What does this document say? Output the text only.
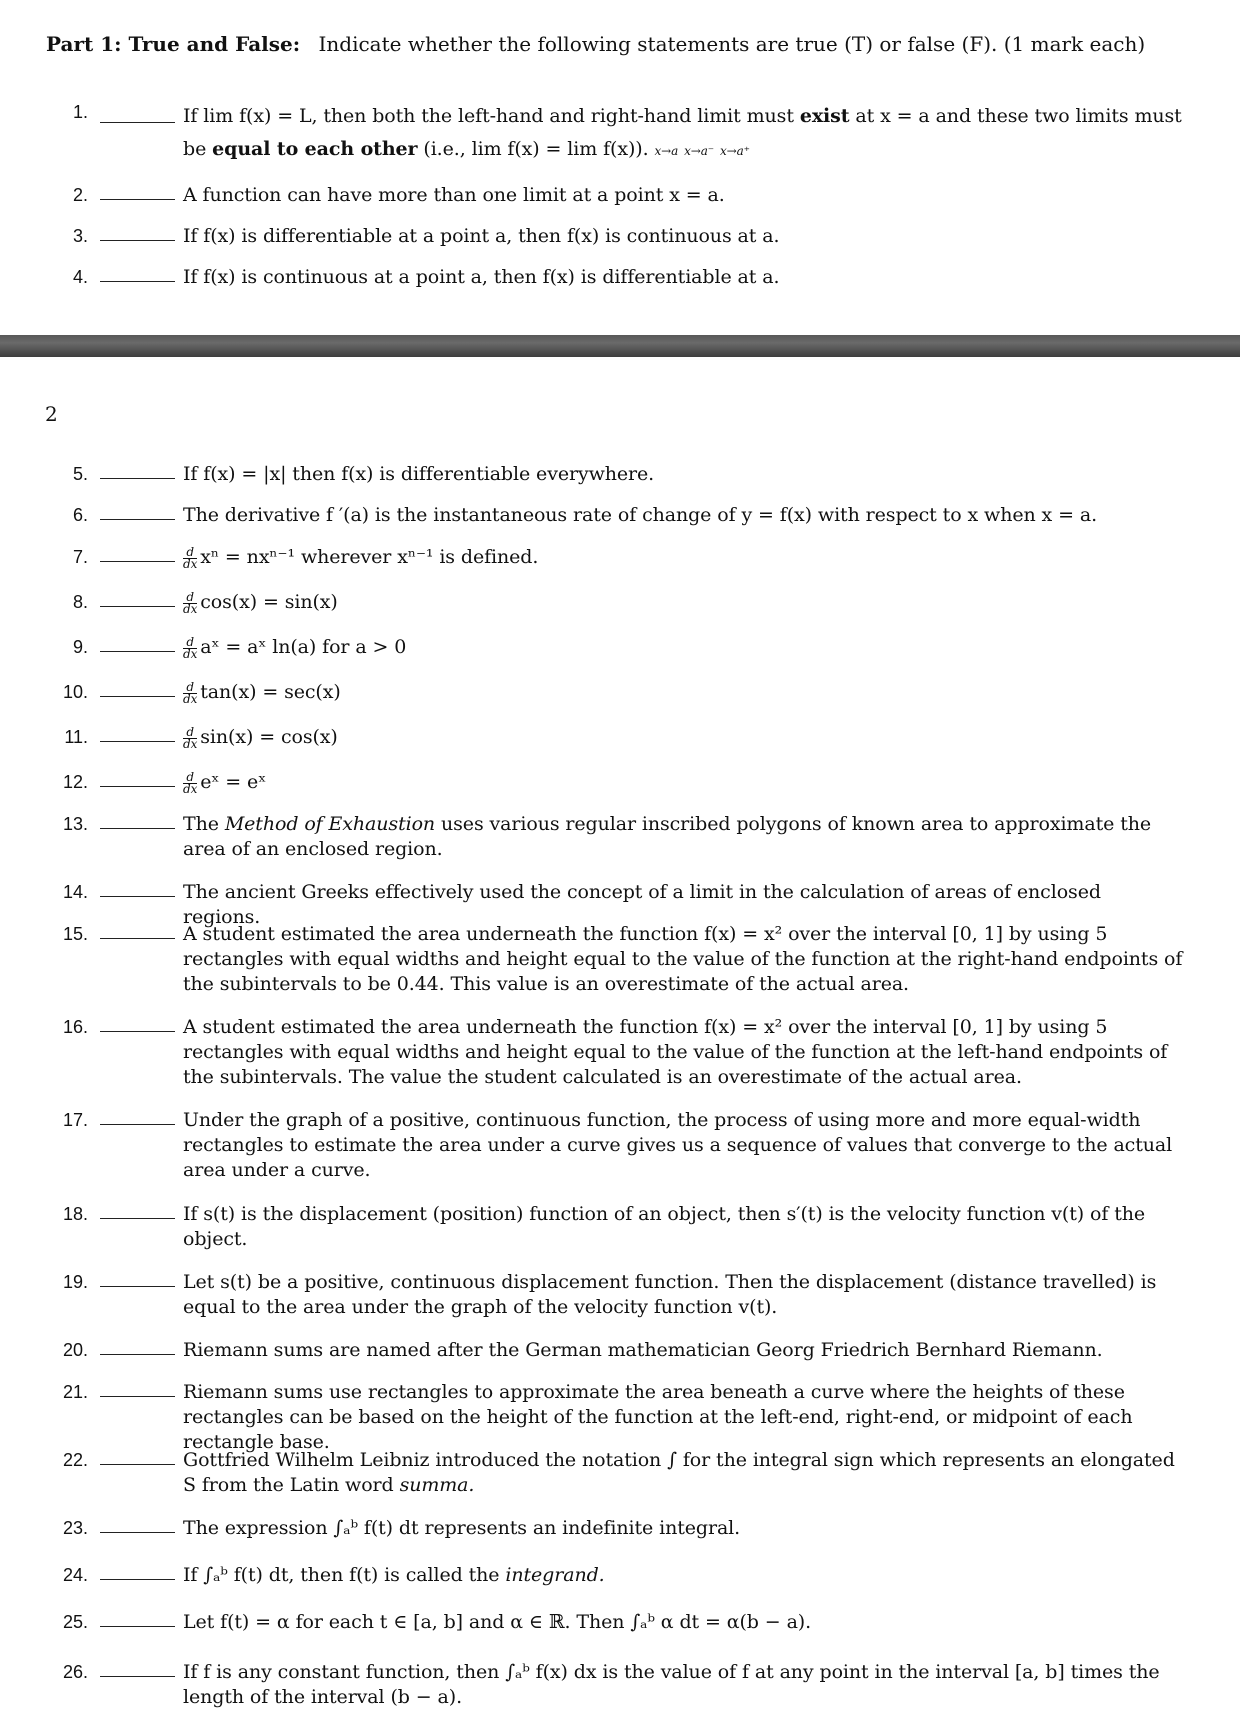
Part 1: True and False: Indicate whether the following statements are true (T) or false (F). (1 mark each)
1.	If lim f(x) = L, then both the left-hand and right-hand limit must exist at x = a and these two limits must be equal to each other (i.e., lim f(x) = lim f(x)). x→a x→a⁻ x→a⁺
2.	A function can have more than one limit at a point x = a.
3.	If f(x) is differentiable at a point a, then f(x) is continuous at a.
4.	If f(x) is continuous at a point a, then f(x) is differentiable at a.
2
5.	If f(x) = |x| then f(x) is differentiable everywhere.
6.	The derivative f ′(a) is the instantaneous rate of change of y = f(x) with respect to x when x = a.
7.	$\frac{d}{dx}$ xⁿ = nxⁿ⁻¹ wherever xⁿ⁻¹ is defined.
8.	$\frac{d}{dx} \cos(x) = \sin(x)$
9.	$\frac{d}{dx}$ aˣ = aˣ ln(a) for a > 0
10.	$\frac{d}{dx} \tan(x) = \sec(x)$
11.	$\frac{d}{dx} \sin(x) = \cos(x)$
12.	$\frac{d}{dx}$ eˣ = eˣ
13.	The Method of Exhaustion uses various regular inscribed polygons of known area to approximate the area of an enclosed region.
14.	The ancient Greeks effectively used the concept of a limit in the calculation of areas of enclosed regions.
15.	A student estimated the area underneath the function f(x) = x² over the interval [0, 1] by using 5 rectangles with equal widths and height equal to the value of the function at the right-hand endpoints of the subintervals to be 0.44. This value is an overestimate of the actual area.
16.	A student estimated the area underneath the function f(x) = x² over the interval [0, 1] by using 5 rectangles with equal widths and height equal to the value of the function at the left-hand endpoints of the subintervals. The value the student calculated is an overestimate of the actual area.
17.	Under the graph of a positive, continuous function, the process of using more and more equal-width rectangles to estimate the area under a curve gives us a sequence of values that converge to the actual area under a curve.
18.	If s(t) is the displacement (position) function of an object, then s′(t) is the velocity function v(t) of the object.
19.	Let s(t) be a positive, continuous displacement function. Then the displacement (distance travelled) is equal to the area under the graph of the velocity function v(t).
20.	Riemann sums are named after the German mathematician Georg Friedrich Bernhard Riemann.
21.	Riemann sums use rectangles to approximate the area beneath a curve where the heights of these rectangles can be based on the height of the function at the left-end, right-end, or midpoint of each rectangle base.
22.	Gottfried Wilhelm Leibniz introduced the notation ∫ for the integral sign which represents an elongated S from the Latin word summa.
23.	The expression ∫ₐᵇ f(t) dt represents an indefinite integral.
24.	If ∫ₐᵇ f(t) dt, then f(t) is called the integrand.
25.	Let f(t) = α for each t ∈ [a, b] and α ∈ ℝ. Then ∫ₐᵇ α dt = α(b − a).
26.	If f is any constant function, then ∫ₐᵇ f(x) dx is the value of f at any point in the interval [a, b] times the length of the interval (b − a).
